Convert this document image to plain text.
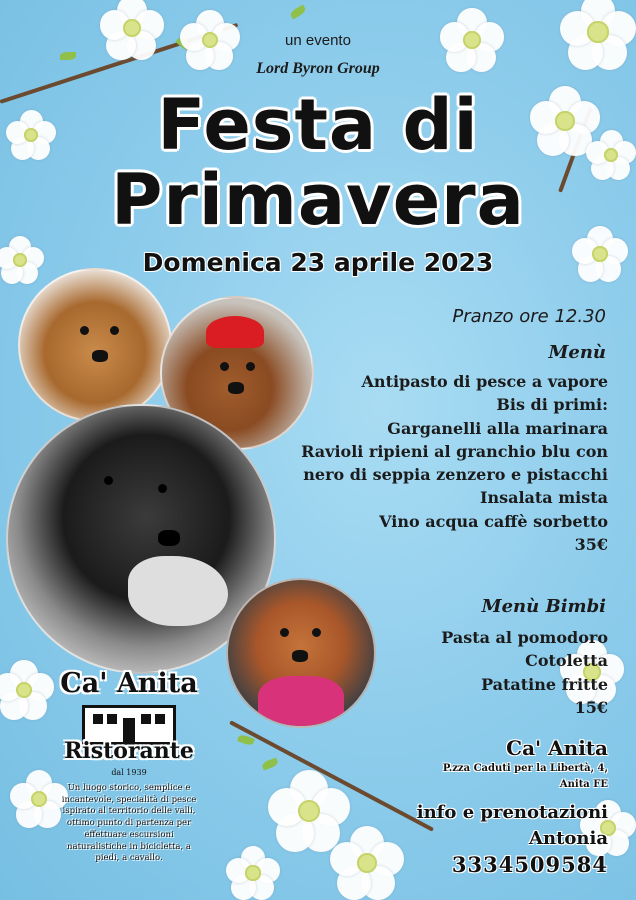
un evento

Lord Byron Group

Festa di
Primavera

Domenica 23 aprile 2023

Pranzo ore 12.30

Menù

Antipasto di pesce a vapore
Bis di primi:
Garganelli alla marinara
Ravioli ripieni al granchio blu con
nero di seppia zenzero e pistacchi
Insalata mista
Vino acqua caffè sorbetto
35€

Menù Bimbi

Pasta al pomodoro
Cotoletta
Patatine fritte
15€
Ca' Anita
Ristorante
dal 1939

Un luogo storico, semplice e incantevole, specialità di pesce ispirato al territorio delle valli, ottimo punto di partenza per effettuare escursioni naturalistiche in bicicletta, a piedi, a cavallo.

Ca' Anita

P.zza Caduti per la Libertà, 4,

Anita FE

info e prenotazioni

Antonia

3334509584
